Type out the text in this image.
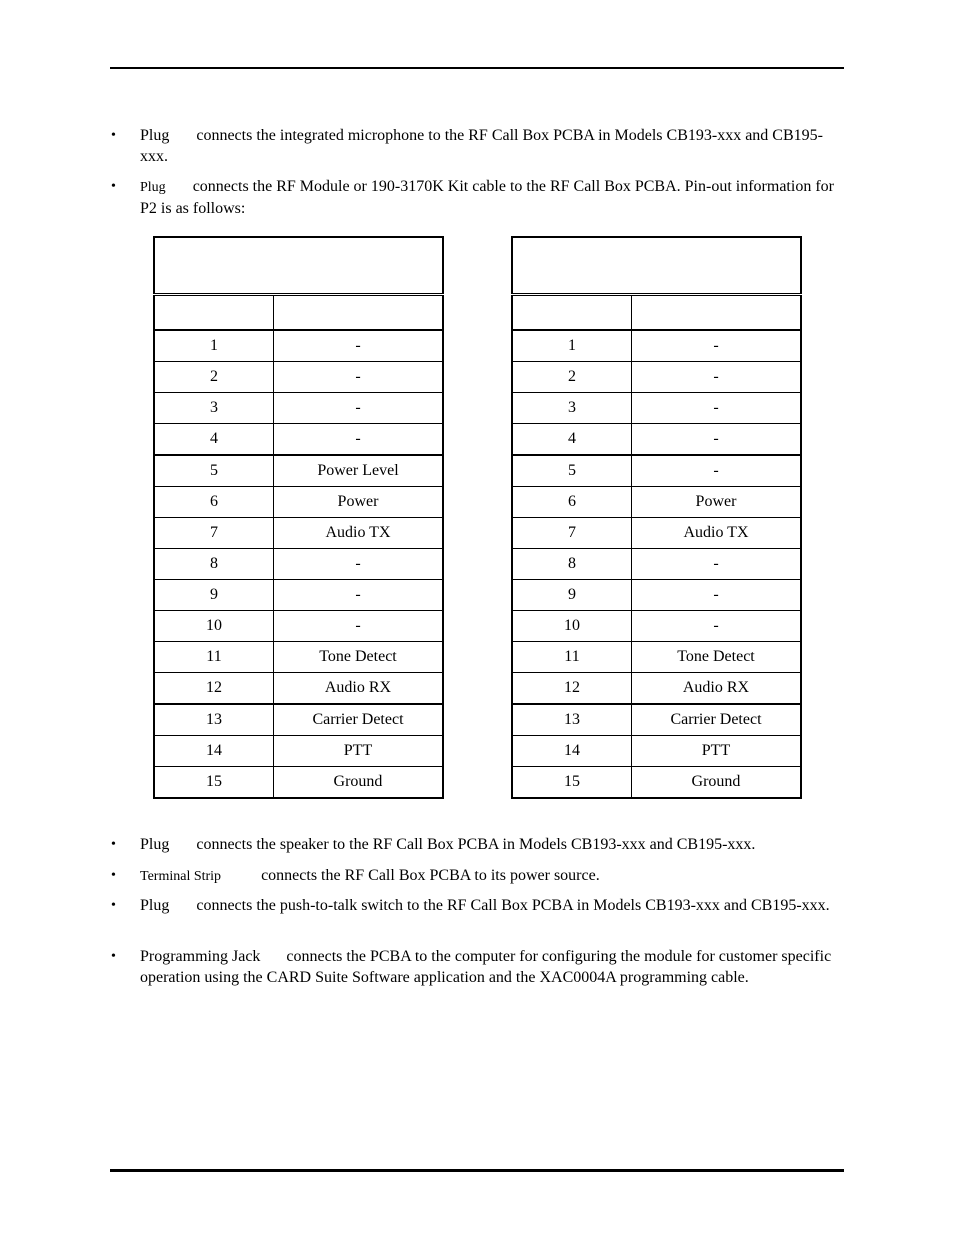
• Plug connects the integrated microphone to the RF Call Box PCBA in Models CB193-xxx and CB195-xxx.
• Plug connects the RF Module or 190-3170K Kit cable to the RF Call Box PCBA. Pin-out information for P2 is as follows:

1	-
2	-
3	-
4	-
5	Power Level
6	Power
7	Audio TX
8	-
9	-
10	-
11	Tone Detect
12	Audio RX
13	Carrier Detect
14	PTT
15	Ground

1	-
2	-
3	-
4	-
5	-
6	Power
7	Audio TX
8	-
9	-
10	-
11	Tone Detect
12	Audio RX
13	Carrier Detect
14	PTT
15	Ground
• Plug connects the speaker to the RF Call Box PCBA in Models CB193-xxx and CB195-xxx.
• Terminal Strip	connects the RF Call Box PCBA to its power source.
• Plug connects the push-to-talk switch to the RF Call Box PCBA in Models CB193-xxx and CB195-xxx.
• Programming Jack connects the PCBA to the computer for configuring the module for customer specific operation using the CARD Suite Software application and the XAC0004A programming cable.
